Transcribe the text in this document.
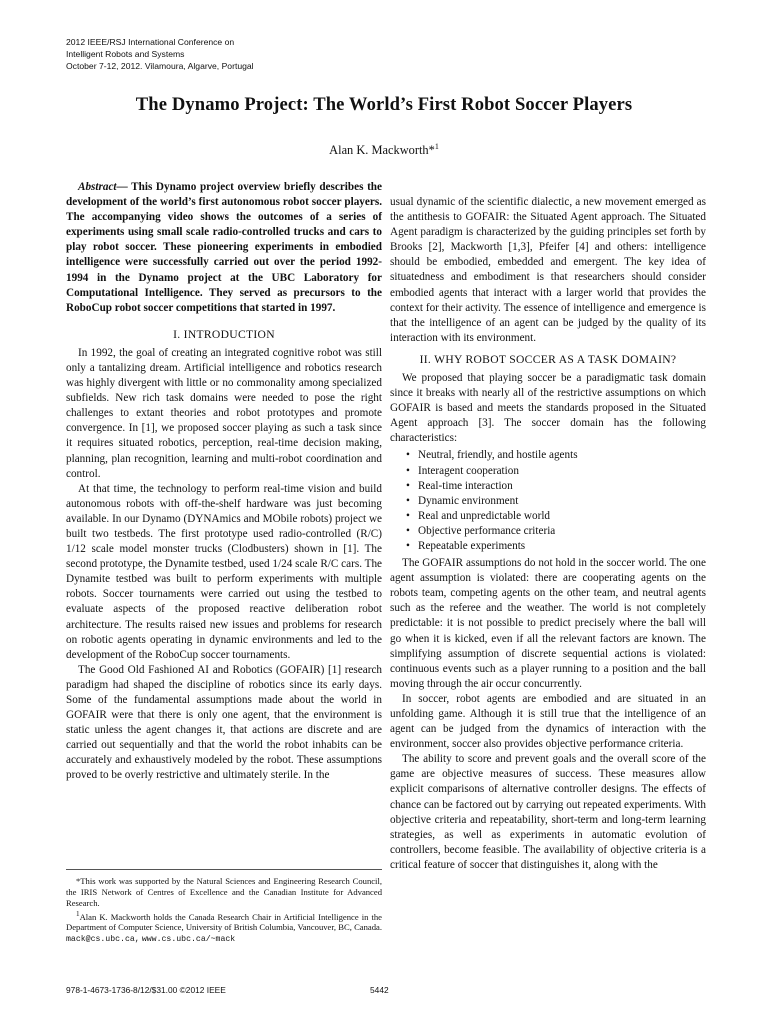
2012 IEEE/RSJ International Conference on
Intelligent Robots and Systems
October 7-12, 2012. Vilamoura, Algarve, Portugal
The Dynamo Project: The World’s First Robot Soccer Players
Alan K. Mackworth*$^1$

Abstract— This Dynamo project overview briefly describes the development of the world’s first autonomous robot soccer players. The accompanying video shows the outcomes of a series of experiments using small scale radio-controlled trucks and cars to play robot soccer. These pioneering experiments in embodied intelligence were successfully carried out over the period 1992-1994 in the Dynamo project at the UBC Laboratory for Computational Intelligence. They served as precursors to the RoboCup robot soccer competitions that started in 1997.

I. INTRODUCTION

In 1992, the goal of creating an integrated cognitive robot was still only a tantalizing dream. Artificial intelligence and robotics research was highly divergent with little or no commonality among specialized subfields. New rich task domains were needed to pose the right challenges to extant theories and robot prototypes and promote convergence. In [1], we proposed soccer playing as such a task since it requires situated robotics, perception, real-time decision making, planning, plan recognition, learning and multi-robot coordination and control.

At that time, the technology to perform real-time vision and build autonomous robots with off-the-shelf hardware was just becoming available. In our Dynamo (DYNAmics and MObile robots) project we built two testbeds. The first prototype used radio-controlled (R/C) 1/12 scale model monster trucks (Clodbusters) shown in [1]. The second prototype, the Dynamite testbed, used 1/24 scale R/C cars. The Dynamite testbed was built to perform experiments with multiple robots. Soccer tournaments were carried out using the testbed to evaluate aspects of the proposed reactive deliberation robot architecture. The results raised new issues and problems for research on robotic agents operating in dynamic environments and led to the development of the RoboCup soccer tournaments.

The Good Old Fashioned AI and Robotics (GOFAIR) [1] research paradigm had shaped the discipline of robotics since its early days. Some of the fundamental assumptions made about the world in GOFAIR were that there is only one agent, that the environment is static unless the agent changes it, that actions are discrete and are carried out sequentially and that the world the robot inhabits can be accurately and exhaustively modeled by the robot. These assumptions proved to be overly restrictive and ultimately sterile. In the

usual dynamic of the scientific dialectic, a new movement emerged as the antithesis to GOFAIR: the Situated Agent approach. The Situated Agent paradigm is characterized by the guiding principles set forth by Brooks [2], Mackworth [1,3], Pfeifer [4] and others: intelligence should be embodied, embedded and emergent. The key idea of situatedness and embodiment is that researchers should consider embodied agents that interact with a larger world that provides the context for their activity. The essence of intelligence and emergence is that the intelligence of an agent can be judged by the quality of its interaction with its environment.

II. WHY ROBOT SOCCER AS A TASK DOMAIN?

We proposed that playing soccer be a paradigmatic task domain since it breaks with nearly all of the restrictive assumptions on which GOFAIR is based and meets the standards proposed in the Situated Agent approach [3]. The soccer domain has the following characteristics:

• Neutral, friendly, and hostile agents
• Interagent cooperation
• Real-time interaction
• Dynamic environment
• Real and unpredictable world
• Objective performance criteria
• Repeatable experiments

The GOFAIR assumptions do not hold in the soccer world. The one agent assumption is violated: there are cooperating agents on the robots team, competing agents on the other team, and neutral agents such as the referee and the weather. The world is not completely predictable: it is not possible to predict precisely where the ball will go when it is kicked, even if all the relevant factors are known. The simplifying assumption of discrete sequential actions is violated: continuous events such as a player running to a position and the ball moving through the air occur concurrently.

In soccer, robot agents are embodied and are situated in an unfolding game. Although it is still true that the intelligence of an agent can be judged from the dynamics of interaction with the environment, soccer also provides objective performance criteria.

The ability to score and prevent goals and the overall score of the game are objective measures of success. These measures allow explicit comparisons of alternative controller designs. The effects of chance can be factored out by carrying out repeated experiments. With objective criteria and repeatability, short-term and long-term learning strategies, as well as experiments in automatic evolution of controllers, become feasible. The availability of objective criteria is a critical feature of soccer that distinguishes it, along with the

*This work was supported by the Natural Sciences and Engineering Research Council, the IRIS Network of Centres of Excellence and the Canadian Institute for Advanced Research.

$^1$Alan K. Mackworth holds the Canada Research Chair in Artificial Intelligence in the Department of Computer Science, University of British Columbia, Vancouver, BC, Canada. mack@cs.ubc.ca, www.cs.ubc.ca/~mack

978-1-4673-1736-8/12/$31.00 ©2012 IEEE	5442
